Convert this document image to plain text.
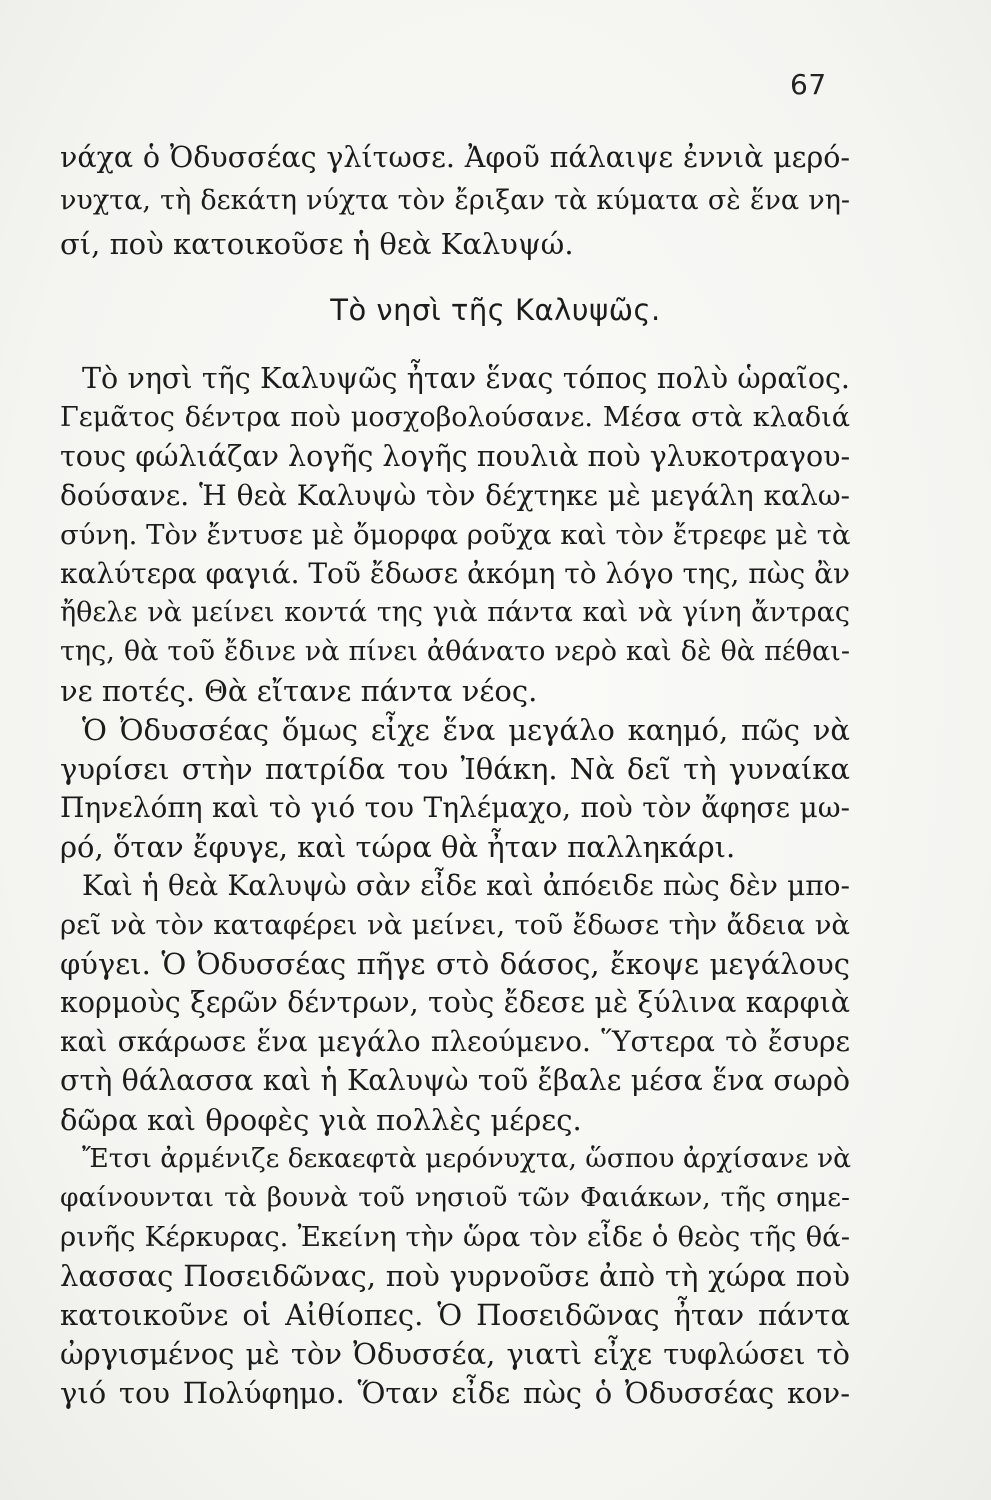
67
νάχα ὁ Ὀδυσσέας γλίτωσε. Ἀφοῦ πάλαιψε ἐννιὰ μερό-
νυχτα, τὴ δεκάτη νύχτα τὸν ἔριξαν τὰ κύματα σὲ ἕνα νη-
σί, ποὺ κατοικοῦσε ἡ θεὰ Καλυψώ.
Τὸ νησὶ τῆς Καλυψῶς.
Τὸ νησὶ τῆς Καλυψῶς ἦταν ἕνας τόπος πολὺ ὡραῖος.
Γεμᾶτος δέντρα ποὺ μοσχοβολούσανε. Μέσα στὰ κλαδιά
τους φώλιάζαν λογῆς λογῆς πουλιὰ ποὺ γλυκοτραγου-
δούσανε. Ἡ θεὰ Καλυψὼ τὸν δέχτηκε μὲ μεγάλη καλω-
σύνη. Τὸν ἔντυσε μὲ ὄμορφα ροῦχα καὶ τὸν ἔτρεφε μὲ τὰ
καλύτερα φαγιά. Τοῦ ἔδωσε ἀκόμη τὸ λόγο της, πὼς ἂν
ἤθελε νὰ μείνει κοντά της γιὰ πάντα καὶ νὰ γίνη ἄντρας
της, θὰ τοῦ ἔδινε νὰ πίνει ἀθάνατο νερὸ καὶ δὲ θὰ πέθαι-
νε ποτές. Θὰ εἴτανε πάντα νέος.
Ὁ Ὀδυσσέας ὅμως εἶχε ἕνα μεγάλο καημό, πῶς νὰ
γυρίσει στὴν πατρίδα του Ἰθάκη. Νὰ δεῖ τὴ γυναίκα
Πηνελόπη καὶ τὸ γιό του Τηλέμαχο, ποὺ τὸν ἄφησε μω-
ρό, ὅταν ἔφυγε, καὶ τώρα θὰ ἦταν παλληκάρι.
Καὶ ἡ θεὰ Καλυψὼ σὰν εἶδε καὶ ἀπόειδε πὼς δὲν μπο-
ρεῖ νὰ τὸν καταφέρει νὰ μείνει, τοῦ ἔδωσε τὴν ἄδεια νὰ
φύγει. Ὁ Ὀδυσσέας πῆγε στὸ δάσος, ἔκοψε μεγάλους
κορμοὺς ξερῶν δέντρων, τοὺς ἔδεσε μὲ ξύλινα καρφιὰ
καὶ σκάρωσε ἕνα μεγάλο πλεούμενο. Ὕστερα τὸ ἔσυρε
στὴ θάλασσα καὶ ἡ Καλυψὼ τοῦ ἔβαλε μέσα ἕνα σωρὸ
δῶρα καὶ θροφὲς γιὰ πολλὲς μέρες.
Ἔτσι ἀρμένιζε δεκαεφτὰ μερόνυχτα, ὥσπου ἀρχίσανε νὰ
φαίνουνται τὰ βουνὰ τοῦ νησιοῦ τῶν Φαιάκων, τῆς σημε-
ρινῆς Κέρκυρας. Ἐκείνη τὴν ὥρα τὸν εἶδε ὁ θεὸς τῆς θά-
λασσας Ποσειδῶνας, ποὺ γυρνοῦσε ἀπὸ τὴ χώρα ποὺ
κατοικοῦνε οἱ Αἰθίοπες. Ὁ Ποσειδῶνας ἦταν πάντα
ὠργισμένος μὲ τὸν Ὀδυσσέα, γιατὶ εἶχε τυφλώσει τὸ
γιό του Πολύφημο. Ὅταν εἶδε πὼς ὁ Ὀδυσσέας κον-
